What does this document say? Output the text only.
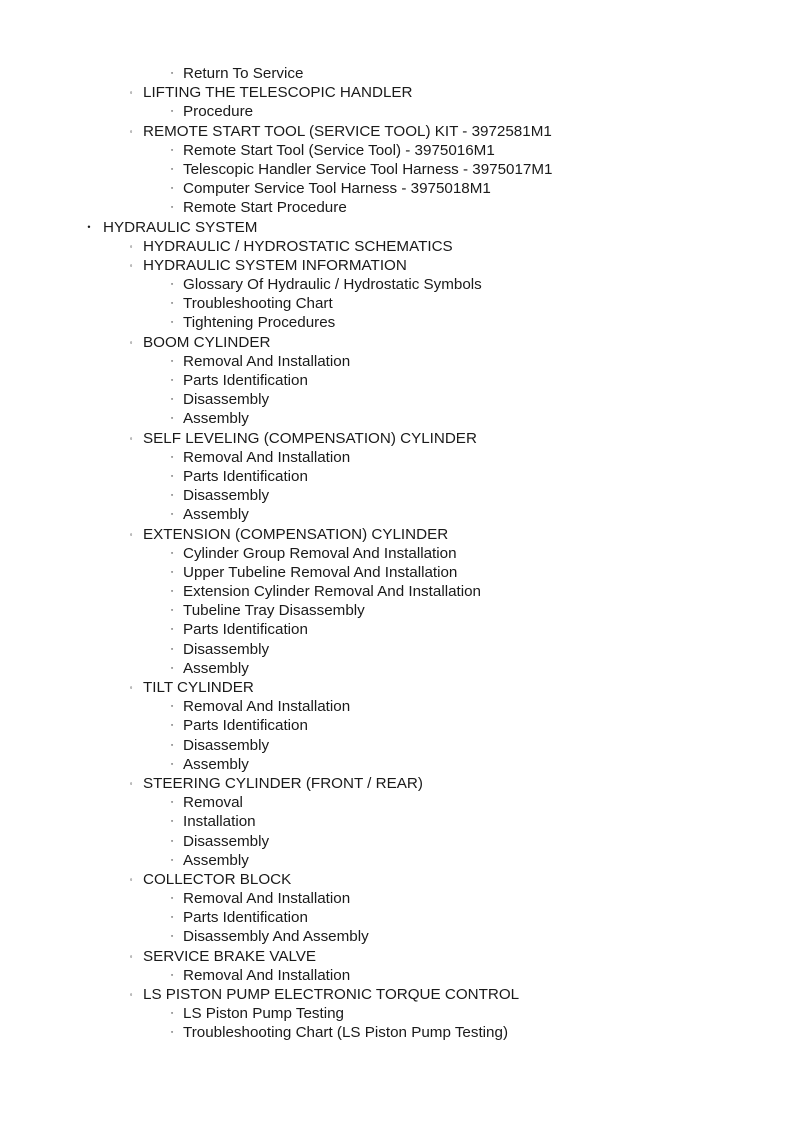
▫ Return To Service
◦ LIFTING THE TELESCOPIC HANDLER
▫ Procedure
◦ REMOTE START TOOL (SERVICE TOOL) KIT - 3972581M1
▫ Remote Start Tool (Service Tool) - 3975016M1
▫ Telescopic Handler Service Tool Harness - 3975017M1
▫ Computer Service Tool Harness - 3975018M1
▫ Remote Start Procedure
• HYDRAULIC SYSTEM
◦ HYDRAULIC / HYDROSTATIC SCHEMATICS
◦ HYDRAULIC SYSTEM INFORMATION
▫ Glossary Of Hydraulic / Hydrostatic Symbols
▫ Troubleshooting Chart
▫ Tightening Procedures
◦ BOOM CYLINDER
▫ Removal And Installation
▫ Parts Identification
▫ Disassembly
▫ Assembly
◦ SELF LEVELING (COMPENSATION) CYLINDER
▫ Removal And Installation
▫ Parts Identification
▫ Disassembly
▫ Assembly
◦ EXTENSION (COMPENSATION) CYLINDER
▫ Cylinder Group Removal And Installation
▫ Upper Tubeline Removal And Installation
▫ Extension Cylinder Removal And Installation
▫ Tubeline Tray Disassembly
▫ Parts Identification
▫ Disassembly
▫ Assembly
◦ TILT CYLINDER
▫ Removal And Installation
▫ Parts Identification
▫ Disassembly
▫ Assembly
◦ STEERING CYLINDER (FRONT / REAR)
▫ Removal
▫ Installation
▫ Disassembly
▫ Assembly
◦ COLLECTOR BLOCK
▫ Removal And Installation
▫ Parts Identification
▫ Disassembly And Assembly
◦ SERVICE BRAKE VALVE
▫ Removal And Installation
◦ LS PISTON PUMP ELECTRONIC TORQUE CONTROL
▫ LS Piston Pump Testing
▫ Troubleshooting Chart (LS Piston Pump Testing)
